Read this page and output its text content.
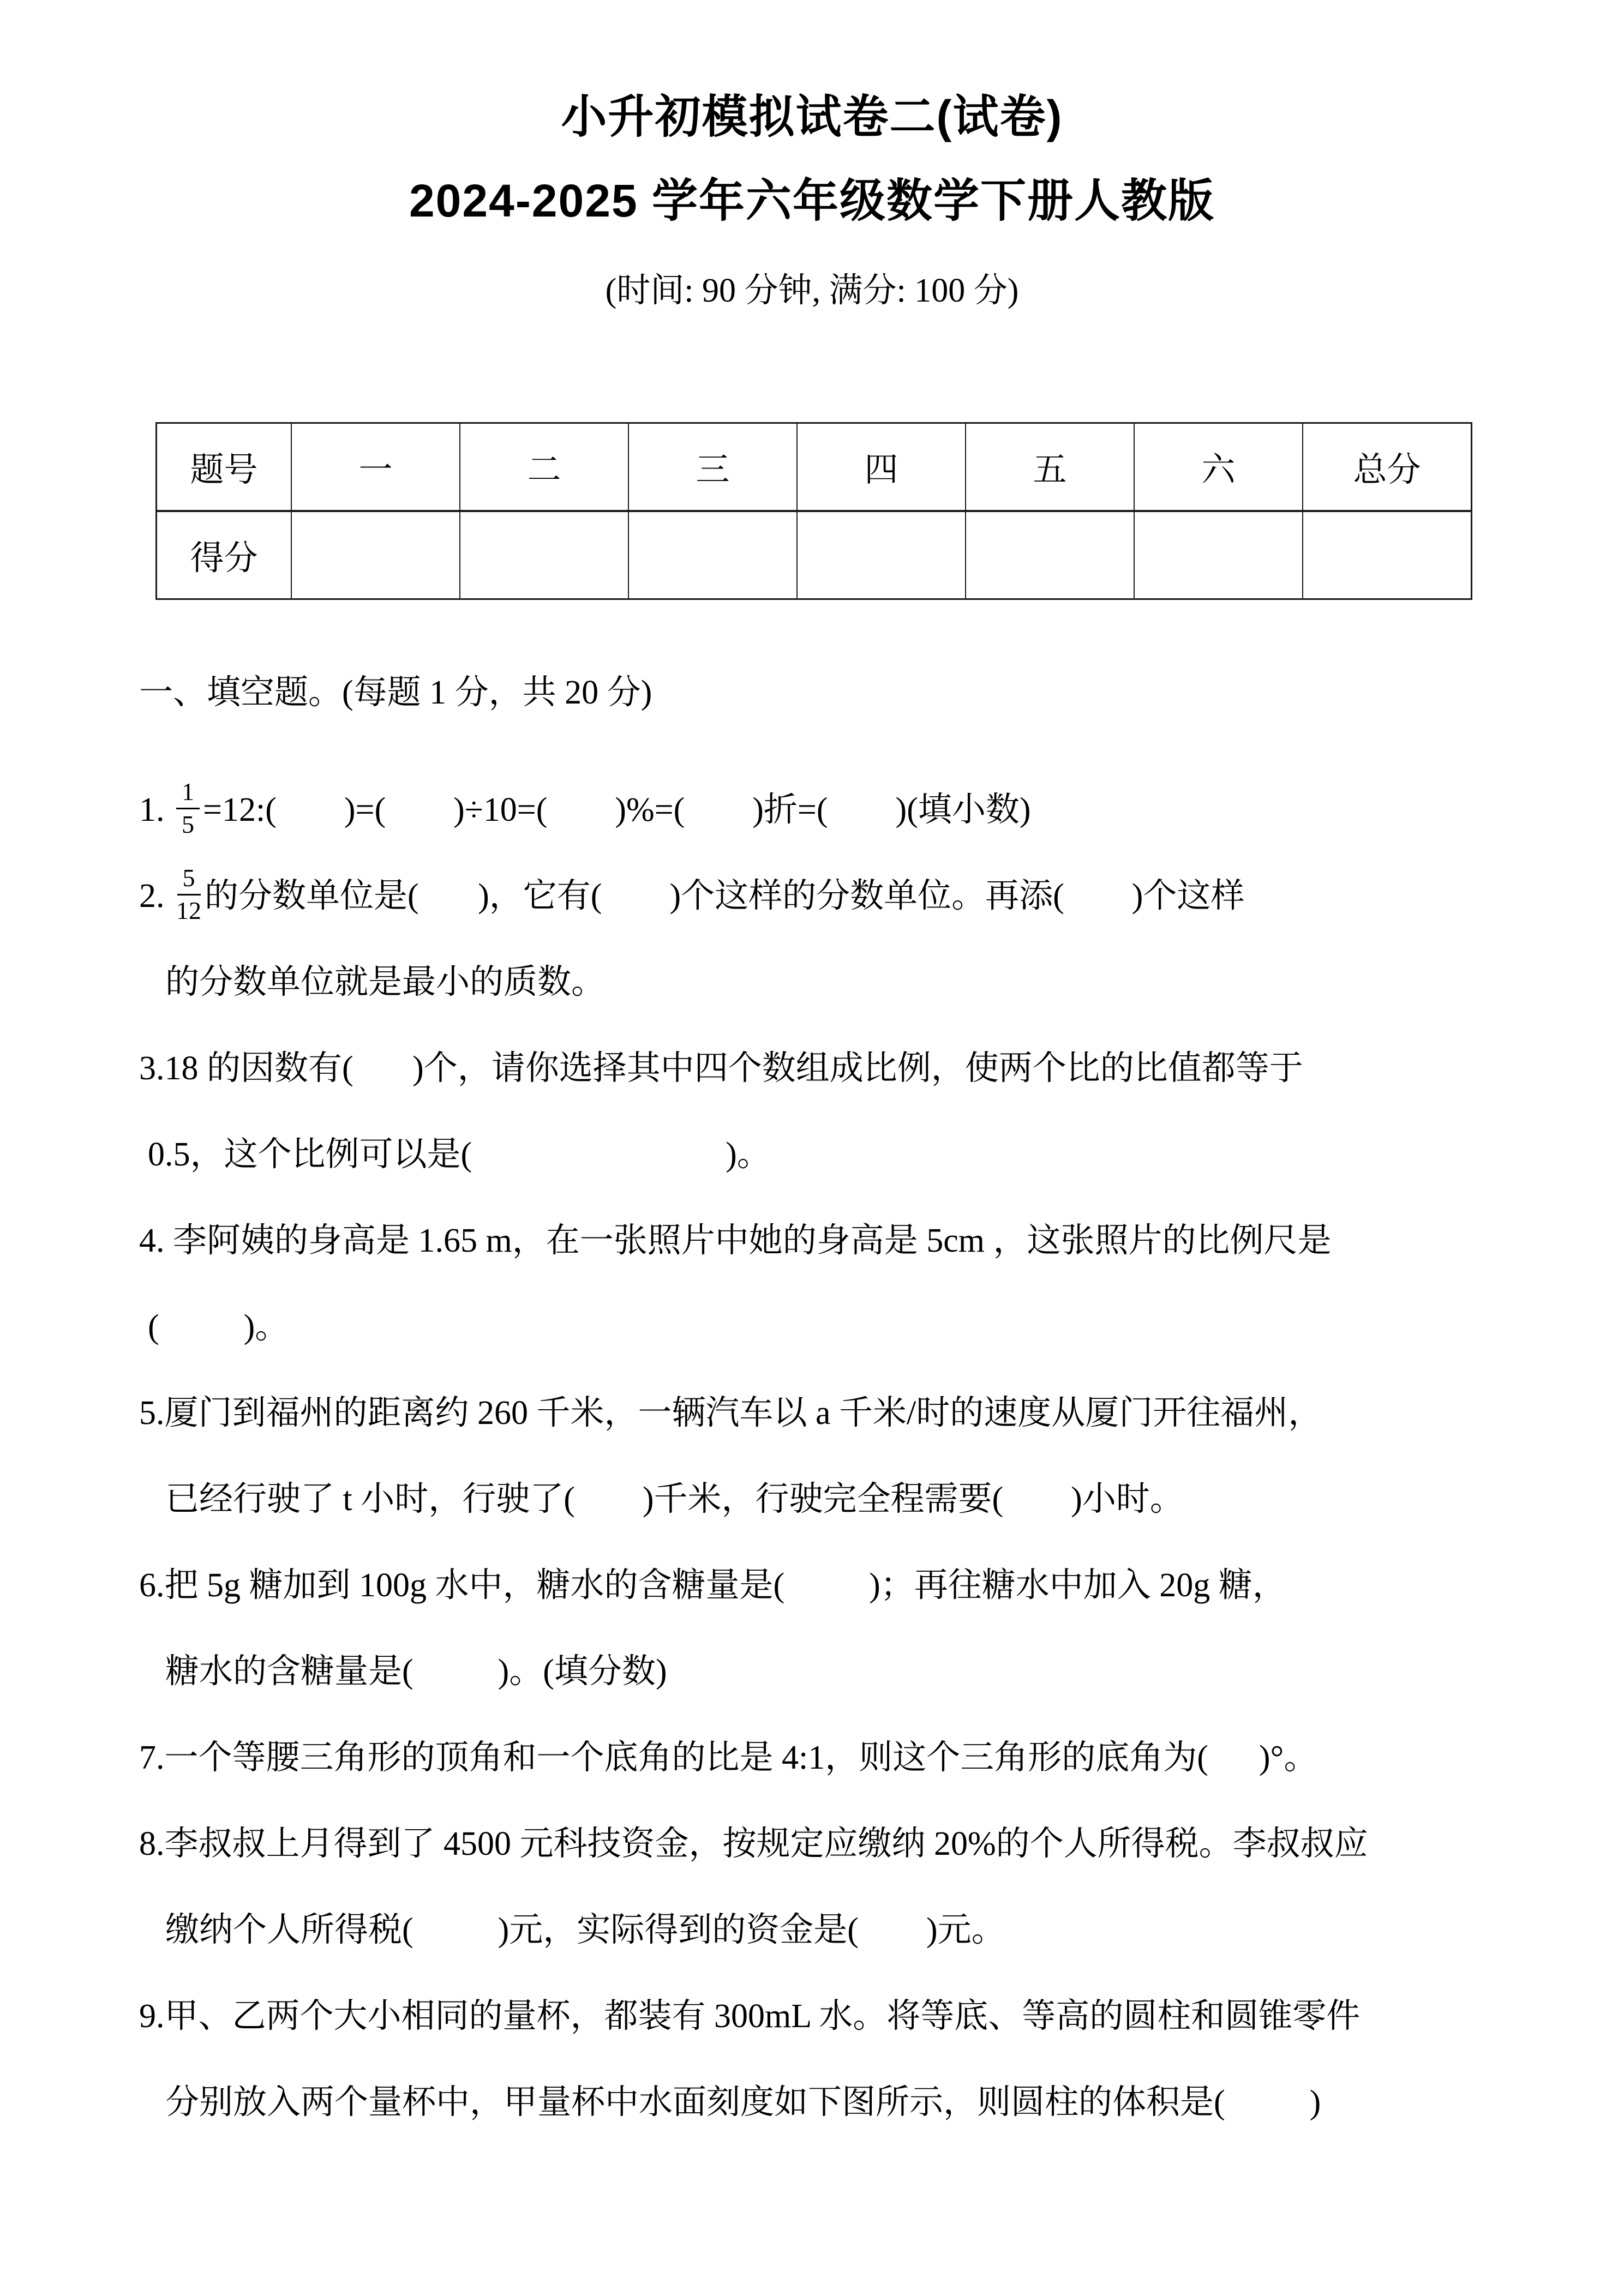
小升初模拟试卷二(试卷)
2024-2025 学年六年级数学下册人教版
(时间: 90 分钟, 满分: 100 分)
题号	一	二	三	四	五	六	总分
得分							
一、填空题。(每题 1 分，共 20 分)

1. $\frac{1}{5}$ =12:(        )=(        )÷10=(        )%=(        )折=(        )(填小数)

2. $\frac{5}{12}$ 的分数单位是(       )，它有(        )个这样的分数单位。再添(        )个这样

的分数单位就是最小的质数。

3.18 的因数有(       )个，请你选择其中四个数组成比例，使两个比的比值都等于

0.5，这个比例可以是(                              )。

4. 李阿姨的身高是 1.65 m，在一张照片中她的身高是 5cm ，这张照片的比例尺是

(          )。

5.厦门到福州的距离约 260 千米，一辆汽车以 a 千米/时的速度从厦门开往福州，

已经行驶了 t 小时，行驶了(        )千米，行驶完全程需要(        )小时。

6.把 5g 糖加到 100g 水中，糖水的含糖量是(          )；再往糖水中加入 20g 糖，

糖水的含糖量是(          )。(填分数)

7.一个等腰三角形的顶角和一个底角的比是 4:1，则这个三角形的底角为(      )°。

8.李叔叔上月得到了 4500 元科技资金，按规定应缴纳 20%的个人所得税。李叔叔应

缴纳个人所得税(          )元，实际得到的资金是(        )元。

9.甲、乙两个大小相同的量杯，都装有 300mL 水。将等底、等高的圆柱和圆锥零件

分别放入两个量杯中，甲量杯中水面刻度如下图所示，则圆柱的体积是(          )
